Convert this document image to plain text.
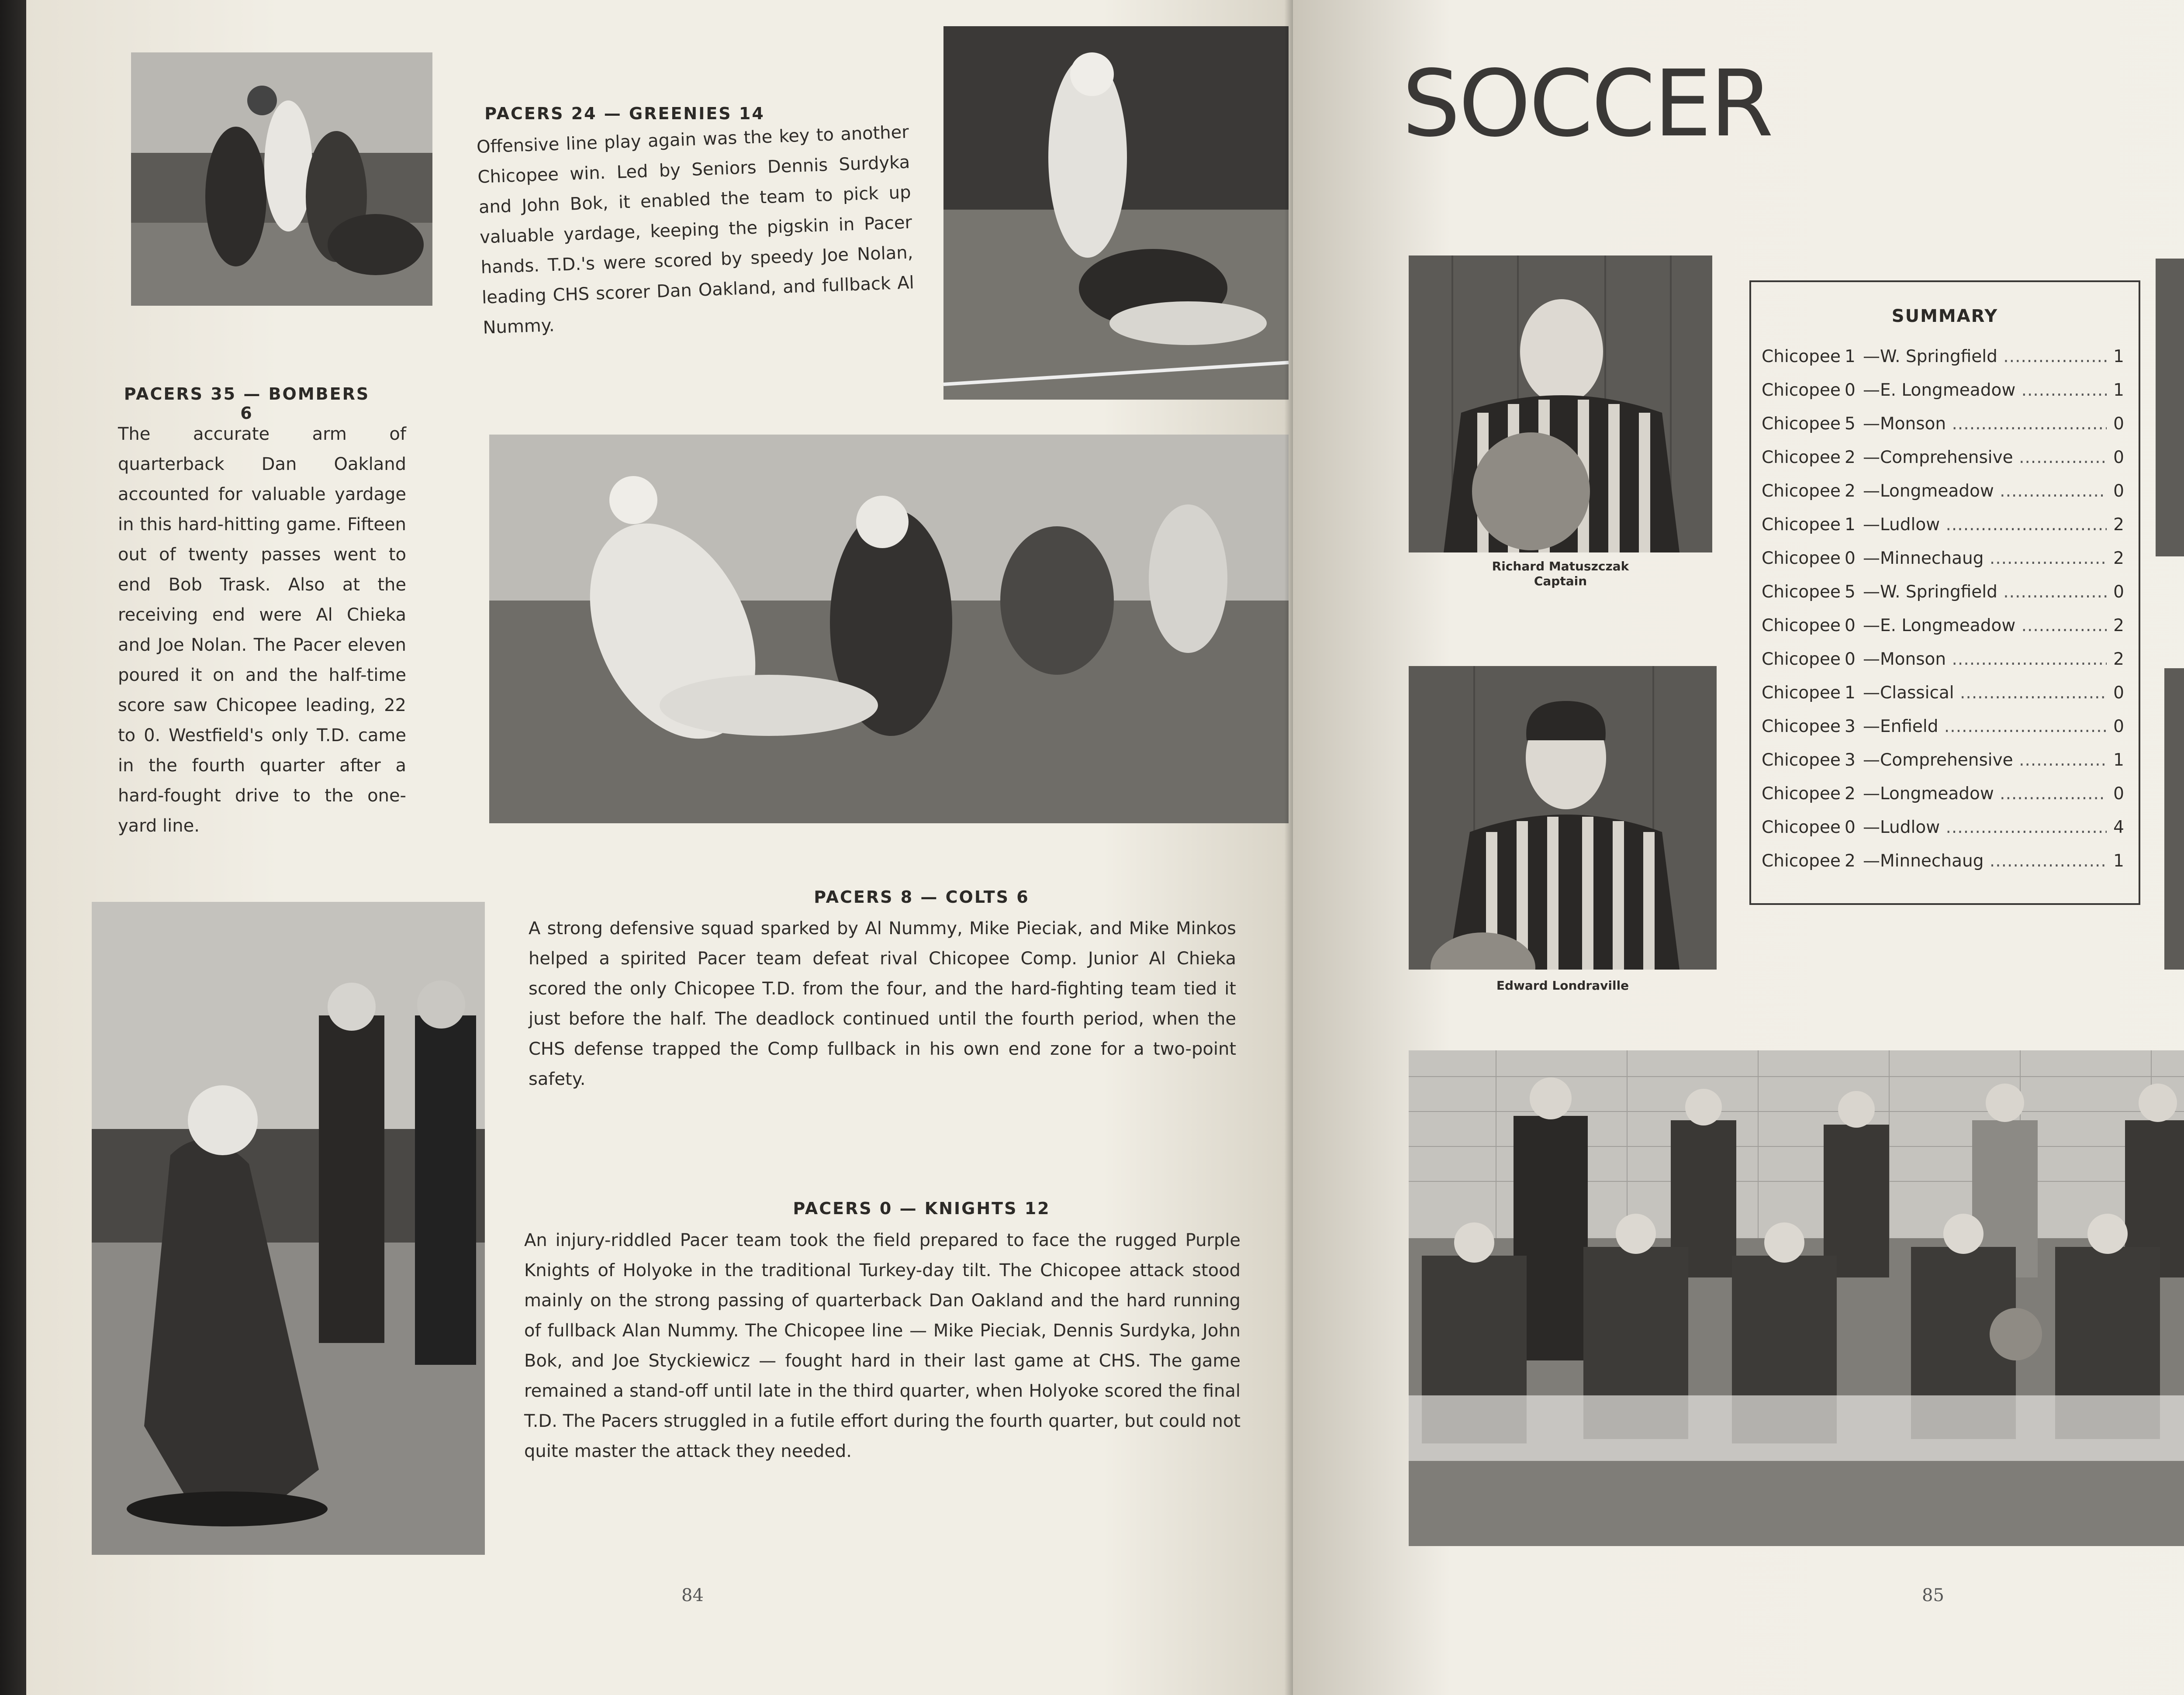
PACERS 24 — GREENIES 14
Offensive line play again was the key to another Chicopee win. Led by Seniors Dennis Surdyka and John Bok, it enabled the team to pick up valuable yardage, keeping the pigskin in Pacer hands. T.D.'s were scored by speedy Joe Nolan, leading CHS scorer Dan Oakland, and fullback Al Nummy.
PACERS 35 — BOMBERS 6
The accurate arm of quarterback Dan Oakland accounted for valuable yardage in this hard-hitting game. Fifteen out of twenty passes went to end Bob Trask. Also at the receiving end were Al Chieka and Joe Nolan. The Pacer eleven poured it on and the half-time score saw Chicopee leading, 22 to 0. Westfield's only T.D. came in the fourth quarter after a hard-fought drive to the one-yard line.
PACERS 8 — COLTS 6
A strong defensive squad sparked by Al Nummy, Mike Pieciak, and Mike Minkos helped a spirited Pacer team defeat rival Chicopee Comp. Junior Al Chieka scored the only Chicopee T.D. from the four, and the hard-fighting team tied it just before the half. The deadlock continued until the fourth period, when the CHS defense trapped the Comp fullback in his own end zone for a two-point safety.
PACERS 0 — KNIGHTS 12
An injury-riddled Pacer team took the field prepared to face the rugged Purple Knights of Holyoke in the traditional Turkey-day tilt. The Chicopee attack stood mainly on the strong passing of quarterback Dan Oakland and the hard running of fullback Alan Nummy. The Chicopee line — Mike Pieciak, Dennis Surdyka, John Bok, and Joe Styckiewicz — fought hard in their last game at CHS. The game remained a stand-off until late in the third quarter, when Holyoke scored the final T.D. The Pacers struggled in a futile effort during the fourth quarter, but could not quite master the attack they needed.
84
SOCCER
Richard Matuszczak
Captain
SUMMARY
Chicopee 1 — W. Springfield .....	1
Chicopee 0 — E. Longmeadow .....	1
Chicopee 5 — Monson .....	0
Chicopee 2 — Comprehensive .....	0
Chicopee 2 — Longmeadow .....	0
Chicopee 1 — Ludlow .....	2
Chicopee 0 — Minnechaug .....	2
Chicopee 5 — W. Springfield .....	0
Chicopee 0 — E. Longmeadow .....	2
Chicopee 0 — Monson .....	2
Chicopee 1 — Classical .....	0
Chicopee 3 — Enfield .....	0
Chicopee 3 — Comprehensive .....	1
Chicopee 2 — Longmeadow .....	0
Chicopee 0 — Ludlow .....	4
Chicopee 2 — Minnechaug .....	1
Edward Londraville
85
